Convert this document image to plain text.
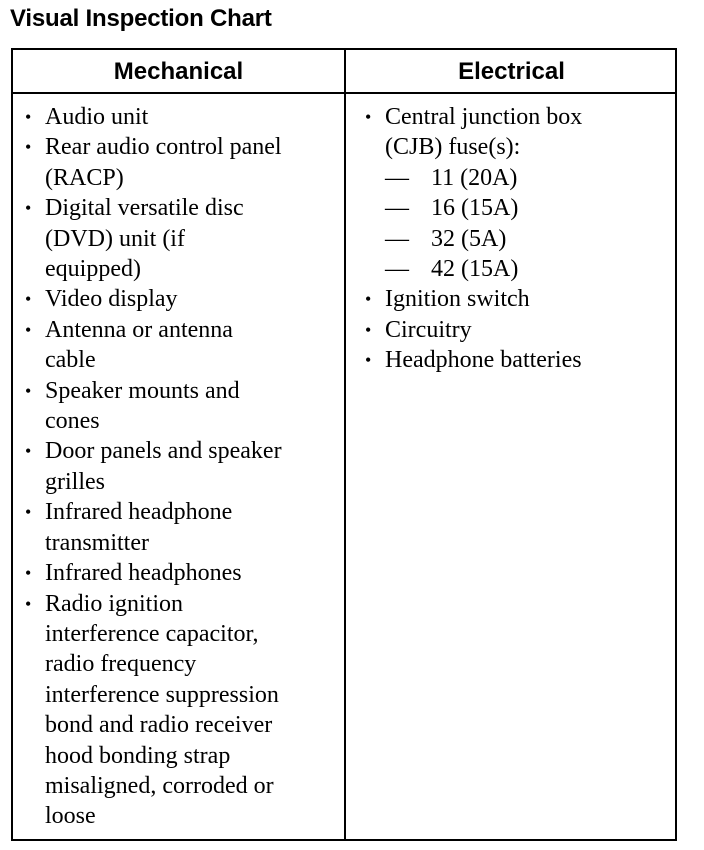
Visual Inspection Chart
Mechanical	Electrical
• Audio unit
• Rear audio control panel
(RACP)
• Digital versatile disc
(DVD) unit (if
equipped)
• Video display
• Antenna or antenna
cable
• Speaker mounts and
cones
• Door panels and speaker
grilles
• Infrared headphone
transmitter
• Infrared headphones
• Radio ignition
interference capacitor,
radio frequency
interference suppression
bond and radio receiver
hood bonding strap
misaligned, corroded or
loose
• Central junction box
(CJB) fuse(s):
— 11 (20A)
— 16 (15A)
— 32 (5A)
— 42 (15A)
• Ignition switch
• Circuitry
• Headphone batteries
